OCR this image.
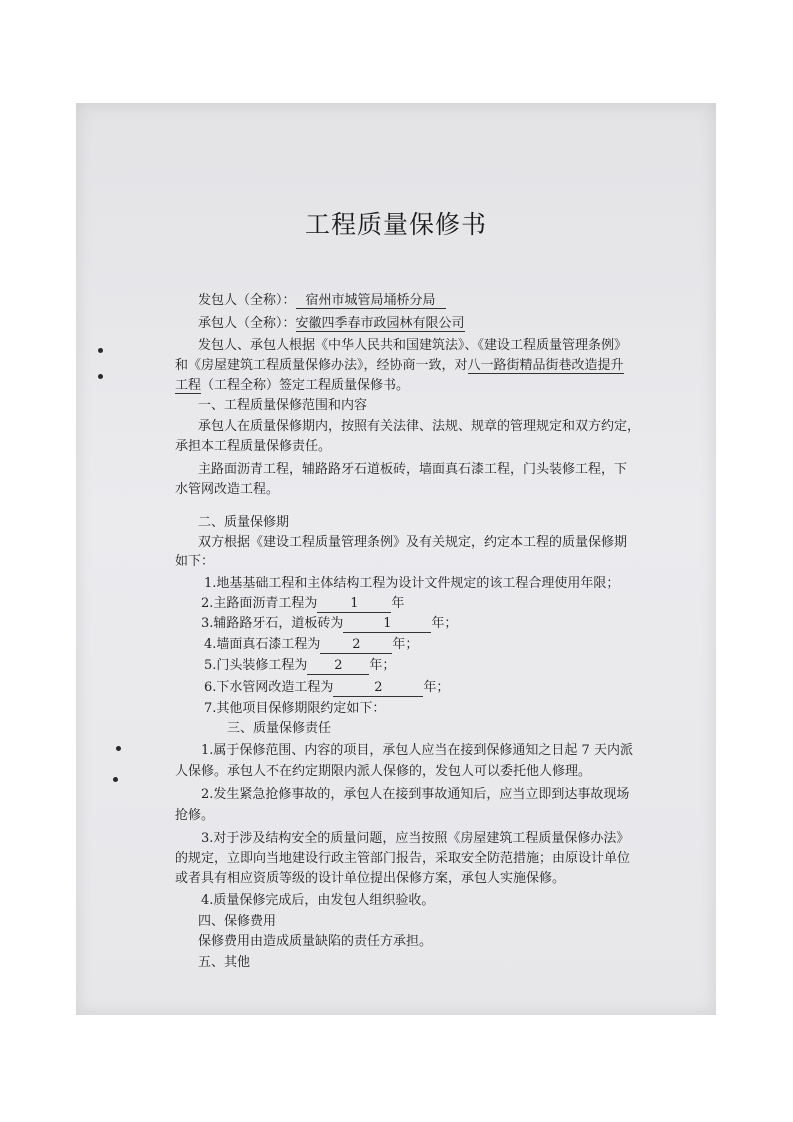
工程质量保修书
发包人（全称）： 宿州市城管局埇桥分局
承包人（全称）：安徽四季春市政园林有限公司
发包人、承包人根据《中华人民共和国建筑法》、《建设工程质量管理条例》
和《房屋建筑工程质量保修办法》，经协商一致，对八一路街精品街巷改造提升
工程（工程全称）签定工程质量保修书。
一、工程质量保修范围和内容
承包人在质量保修期内，按照有关法律、法规、规章的管理规定和双方约定，
承担本工程质量保修责任。
主路面沥青工程，辅路路牙石道板砖，墙面真石漆工程，门头装修工程，下
水管网改造工程。
二、质量保修期
双方根据《建设工程质量管理条例》及有关规定，约定本工程的质量保修期
如下：
1.地基基础工程和主体结构工程为设计文件规定的该工程合理使用年限；
2.主路面沥青工程为	1	年
3.辅路路牙石，道板砖为	1	年；
4.墙面真石漆工程为 2 年；
5.门头装修工程为 2 年；
6.下水管网改造工程为	2	年；
7.其他项目保修期限约定如下：
三、质量保修责任
1.属于保修范围、内容的项目，承包人应当在接到保修通知之日起 7 天内派
人保修。承包人不在约定期限内派人保修的，发包人可以委托他人修理。
2.发生紧急抢修事故的，承包人在接到事故通知后，应当立即到达事故现场
抢修。
3.对于涉及结构安全的质量问题，应当按照《房屋建筑工程质量保修办法》
的规定，立即向当地建设行政主管部门报告，采取安全防范措施；由原设计单位
或者具有相应资质等级的设计单位提出保修方案，承包人实施保修。
4.质量保修完成后，由发包人组织验收。
四、保修费用
保修费用由造成质量缺陷的责任方承担。
五、其他
